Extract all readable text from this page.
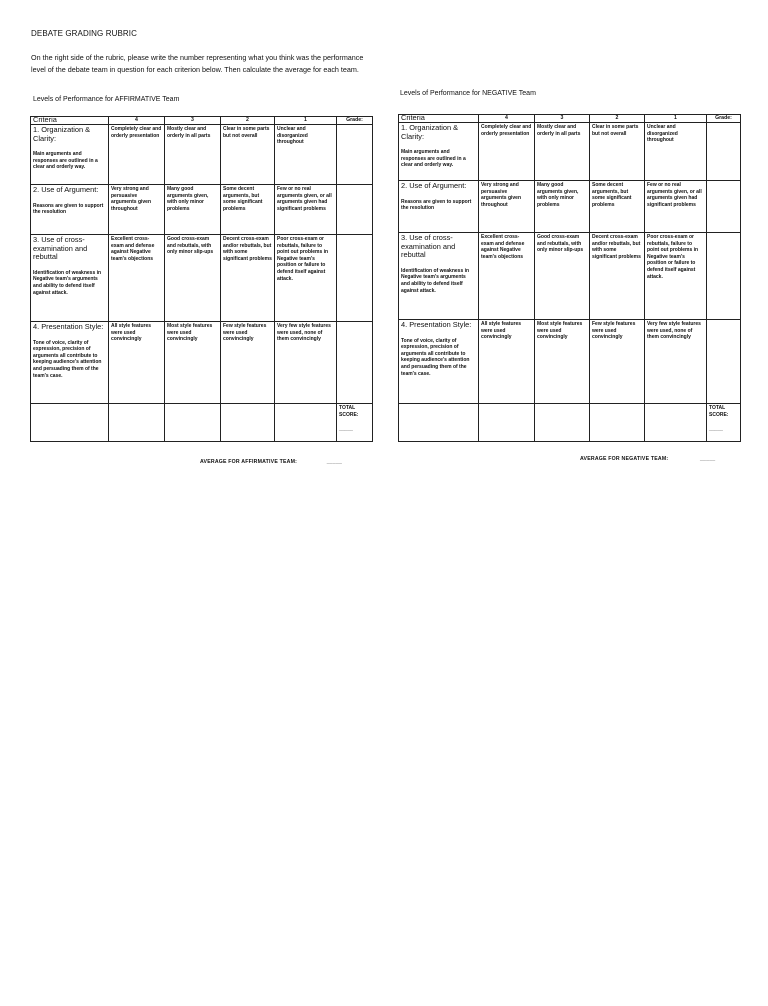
DEBATE GRADING RUBRIC
On the right side of the rubric, please write the number representing what you think was the performance level of the debate team in question for each criterion below. Then calculate the average for each team.
Levels of Performance for AFFIRMATIVE Team
Levels of Performance for NEGATIVE Team
Criteria	4	3	2	1	Grade:

1. Organization & Clarity:
Main arguments and responses are outlined in a clear and orderly way.	Completely clear and orderly presentation	Mostly clear and orderly in all parts	Clear in some parts but not overall	Unclear and disorganized throughout	

2. Use of Argument:
Reasons are given to support the resolution	Very strong and persuasive arguments given throughout	Many good arguments given, with only minor problems	Some decent arguments, but some significant problems	Few or no real arguments given, or all arguments given had significant problems	

3. Use of cross-examination and rebuttal
Identification of weakness in Negative team's arguments and ability to defend itself against attack.	Excellent cross-exam and defense against Negative team's objections	Good cross-exam and rebuttals, with only minor slip-ups	Decent cross-exam and/or rebuttals, but with some significant problems	Poor cross-exam or rebuttals, failure to point out problems in Negative team's position or failure to defend itself against attack.	

4. Presentation Style:
Tone of voice, clarity of expression, precision of arguments all contribute to keeping audience's attention and persuading them of the team's case.	All style features were used convincingly	Most style features were used convincingly	Few style features were used convincingly	Very few style features were used, none of them convincingly	
					TOTAL SCORE:
_____
Criteria	4	3	2	1	Grade:

1. Organization & Clarity:
Main arguments and responses are outlined in a clear and orderly way.	Completely clear and orderly presentation	Mostly clear and orderly in all parts	Clear in some parts but not overall	Unclear and disorganized throughout	

2. Use of Argument:
Reasons are given to support the resolution	Very strong and persuasive arguments given throughout	Many good arguments given, with only minor problems	Some decent arguments, but some significant problems	Few or no real arguments given, or all arguments given had significant problems	

3. Use of cross-examination and rebuttal
Identification of weakness in Negative team's arguments and ability to defend itself against attack.	Excellent cross-exam and defense against Negative team's objections	Good cross-exam and rebuttals, with only minor slip-ups	Decent cross-exam and/or rebuttals, but with some significant problems	Poor cross-exam or rebuttals, failure to point out problems in Negative team's position or failure to defend itself against attack.	

4. Presentation Style:
Tone of voice, clarity of expression, precision of arguments all contribute to keeping audience's attention and persuading them of the team's case.	All style features were used convincingly	Most style features were used convincingly	Few style features were used convincingly	Very few style features were used, none of them convincingly	
					TOTAL SCORE:
_____
AVERAGE FOR AFFIRMATIVE TEAM:	_____	AVERAGE FOR NEGATIVE TEAM:	_____
